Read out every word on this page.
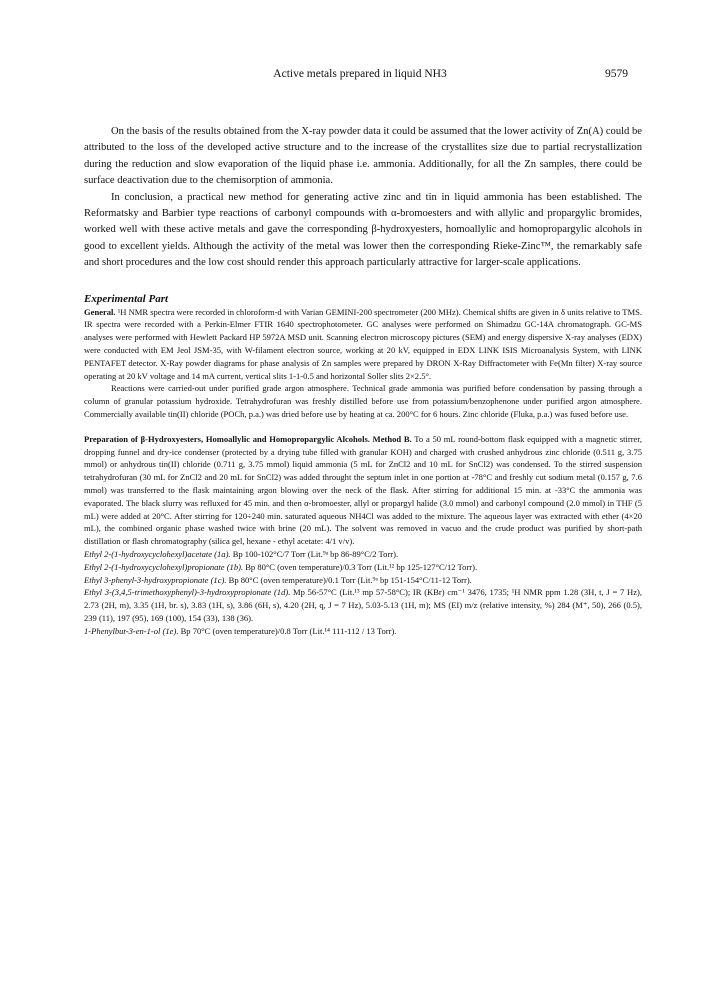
Active metals prepared in liquid NH3	9579

On the basis of the results obtained from the X-ray powder data it could be assumed that the lower activity of Zn(A) could be attributed to the loss of the developed active structure and to the increase of the crystallites size due to partial recrystallization during the reduction and slow evaporation of the liquid phase i.e. ammonia. Additionally, for all the Zn samples, there could be surface deactivation due to the chemisorption of ammonia.

In conclusion, a practical new method for generating active zinc and tin in liquid ammonia has been established. The Reformatsky and Barbier type reactions of carbonyl compounds with α-bromoesters and with allylic and propargylic bromides, worked well with these active metals and gave the corresponding β-hydroxyesters, homoallylic and homopropargylic alcohols in good to excellent yields. Although the activity of the metal was lower then the corresponding Rieke-Zinc™, the remarkably safe and short procedures and the low cost should render this approach particularly attractive for larger-scale applications.

Experimental Part

General. ¹H NMR spectra were recorded in chloroform-d with Varian GEMINI-200 spectrometer (200 MHz). Chemical shifts are given in δ units relative to TMS. IR spectra were recorded with a Perkin-Elmer FTIR 1640 spectrophotometer. GC analyses were performed on Shimadzu GC-14A chromatograph. GC-MS analyses were performed with Hewlett Packard HP 5972A MSD unit. Scanning electron microscopy pictures (SEM) and energy dispersive X-ray analyses (EDX) were conducted with EM Jeol JSM-35, with W-filament electron source, working at 20 kV, equipped in EDX LINK ISIS Microanalysis System, with LINK PENTAFET detector. X-Ray powder diagrams for phase analysis of Zn samples were prepared by DRON X-Ray Diffractometer with Fe(Mn filter) X-ray source operating at 20 kV voltage and 14 mA current, vertical slits 1-1-0.5 and horizontal Soller slits 2×2.5°.

Reactions were carried-out under purified grade argon atmosphere. Technical grade ammonia was purified before condensation by passing through a column of granular potassium hydroxide. Tetrahydrofuran was freshly distilled before use from potassium/benzophenone under purified argon atmosphere. Commercially available tin(II) chloride (POCh, p.a.) was dried before use by heating at ca. 200°C for 6 hours. Zinc chloride (Fluka, p.a.) was fused before use.

Preparation of β-Hydroxyesters, Homoallylic and Homopropargylic Alcohols. Method B. To a 50 mL round-bottom flask equipped with a magnetic stirrer, dropping funnel and dry-ice condenser (protected by a drying tube filled with granular KOH) and charged with crushed anhydrous zinc chloride (0.511 g, 3.75 mmol) or anhydrous tin(II) chloride (0.711 g, 3.75 mmol) liquid ammonia (5 mL for ZnCl2 and 10 mL for SnCl2) was condensed. To the stirred suspension tetrahydrofuran (30 mL for ZnCl2 and 20 mL for SnCl2) was added throught the septum inlet in one portion at -78°C and freshly cut sodium metal (0.157 g, 7.6 mmol) was transferred to the flask maintaining argon blowing over the neck of the flask. After stirring for additional 15 min. at -33°C the ammonia was evaporated. The black slurry was refluxed for 45 min. and then α-bromoester, allyl or propargyl halide (3.0 mmol) and carbonyl compound (2.0 mmol) in THF (5 mL) were added at 20°C. After stirring for 120÷240 min. saturated aqueous NH4Cl was added to the mixture. The aqueous layer was extracted with ether (4×20 mL), the combined organic phase washed twice with brine (20 mL). The solvent was removed in vacuo and the crude product was purified by short-path distillation or flash chromatography (silica gel, hexane - ethyl acetate: 4/1 v/v).

Ethyl 2-(1-hydroxycyclohexyl)acetate (1a). Bp 100-102°C/7 Torr (Lit.⁹ᵃ bp 86-89°C/2 Torr).

Ethyl 2-(1-hydroxycyclohexyl)propionate (1b). Bp 80°C (oven temperature)/0.3 Torr (Lit.¹² bp 125-127°C/12 Torr).

Ethyl 3-phenyl-3-hydroxypropionate (1c). Bp 80°C (oven temperature)/0.1 Torr (Lit.⁹ᵃ bp 151-154°C/11-12 Torr).

Ethyl 3-(3,4,5-trimethoxyphenyl)-3-hydroxypropionate (1d). Mp 56-57°C (Lit.¹³ mp 57-58°C); IR (KBr) cm⁻¹ 3476, 1735; ¹H NMR ppm 1.28 (3H, t, J = 7 Hz), 2.73 (2H, m), 3.35 (1H, br. s), 3.83 (1H, s), 3.86 (6H, s), 4.20 (2H, q, J = 7 Hz), 5.03-5.13 (1H, m); MS (EI) m/z (relative intensity, %) 284 (M⁺, 50), 266 (0.5), 239 (11), 197 (95), 169 (100), 154 (33), 138 (36).

1-Phenylbut-3-en-1-ol (1e). Bp 70°C (oven temperature)/0.8 Torr (Lit.¹⁴ 111-112 / 13 Torr).
